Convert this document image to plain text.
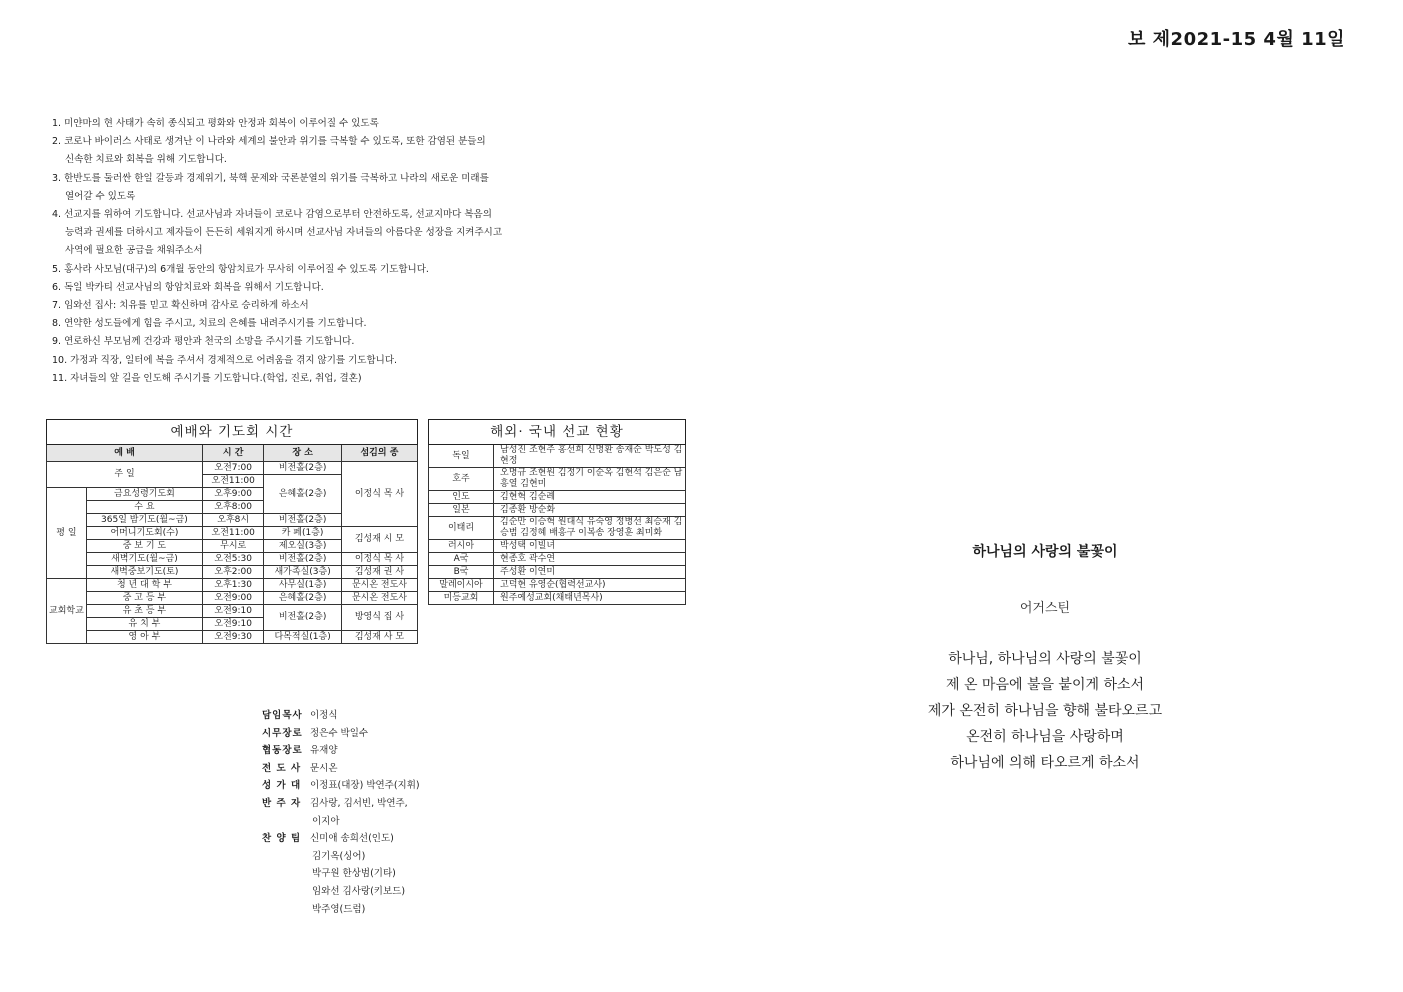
보 제2021-15 4월 11일
1. 미얀마의 현 사태가 속히 종식되고 평화와 안정과 회복이 이루어질 수 있도록
2. 코로나 바이러스 사태로 생겨난 이 나라와 세계의 불안과 위기를 극복할 수 있도록, 또한 감염된 분들의
신속한 치료와 회복을 위해 기도합니다.
3. 한반도를 둘러싼 한일 갈등과 경제위기, 북핵 문제와 국론분열의 위기를 극복하고 나라의 새로운 미래를
열어갈 수 있도록
4. 선교지를 위하여 기도합니다. 선교사님과 자녀들이 코로나 감염으로부터 안전하도록, 선교지마다 복음의
능력과 권세를 더하시고 제자들이 든든히 세워지게 하시며 선교사님 자녀들의 아름다운 성장을 지켜주시고
사역에 필요한 공급을 채워주소서
5. 홍사라 사모님(대구)의 6개월 동안의 항암치료가 무사히 이루어질 수 있도록 기도합니다.
6. 독일 박카티 선교사님의 항암치료와 회복을 위해서 기도합니다.
7. 임와선 집사: 치유를 믿고 확신하며 감사로 승리하게 하소서
8. 연약한 성도들에게 힘을 주시고, 치료의 은혜를 내려주시기를 기도합니다.
9. 연로하신 부모님께 건강과 평안과 천국의 소망을 주시기를 기도합니다.
10. 가정과 직장, 일터에 복을 주셔서 경제적으로 어려움을 겪지 않기를 기도합니다.
11. 자녀들의 앞 길을 인도해 주시기를 기도합니다.(학업, 진로, 취업, 결혼)
예배와 기도회 시간				
예 배		시 간	장 소	섬김의 종
주 일		오전7:00	비전홀(2층)	이정식 목 사
		오전11:00	은혜홀(2층)	
평 일	금요성령기도회	오후9:00		
	수 요	오후8:00		
	365일 밤기도(월~금)	오후8시	비전홀(2층)	
	어머니기도회(수)	오전11:00	카 페(1층)	김성재 시 모
	중 보 기 도	무시로	제오실(3층)	
	새벽기도(월~금)	오전5:30	비전홀(2층)	이정식 목 사
	새벽중보기도(토)	오후2:00	새가족실(3층)	김성재 권 사
교회학교	청 년 대 학 부	오후1:30	사무실(1층)	문시온 전도사
	중 고 등 부	오전9:00	은혜홀(2층)	문시온 전도사
	유 초 등 부	오전9:10	비전홀(2층)	방영식 집 사
	유 치 부	오전9:10		
	영 아 부	오전9:30	다목적실(1층)	김성재 사 모
해외· 국내 선교 현황	
독일	남성진 조현주 홍선희 신명환 송재순 박도성 김현정
호주	오명규 조현원 김정기 이순옥 김현석 김은순 남흥열 김현미
인도	김현혁 김순례
일본	김종환 방순화
이태리	김순만 이승혁 원대식 유숙영 정병선 최승재 김승범 김정혜 배흥구 이복송 장영훈 최미화
러시아	박성택 이빌녀
A국	현종호 곽수연
B국	주성환 이연미
말레이시아	고덕현 유영순(협력선교사)
미등교회	원주예성교회(채태년목사)
담임목사 이정식
시무장로 정은수 박일수
협동장로 유재양
전 도 사 문시온
성 가 대 이정표(대장) 박연주(지휘)
반 주 자 김사랑, 김서빈, 박연주,
이지아
찬 양 팀 신미애 송희선(인도)
김기옥(싱어)
박구원 한상범(기타)
임와선 김사랑(키보드)
박주영(드럼)
하나님의 사랑의 불꽃이
어거스틴
하나님, 하나님의 사랑의 불꽃이
제 온 마음에 불을 붙이게 하소서
제가 온전히 하나님을 향해 불타오르고
온전히 하나님을 사랑하며
하나님에 의해 타오르게 하소서
